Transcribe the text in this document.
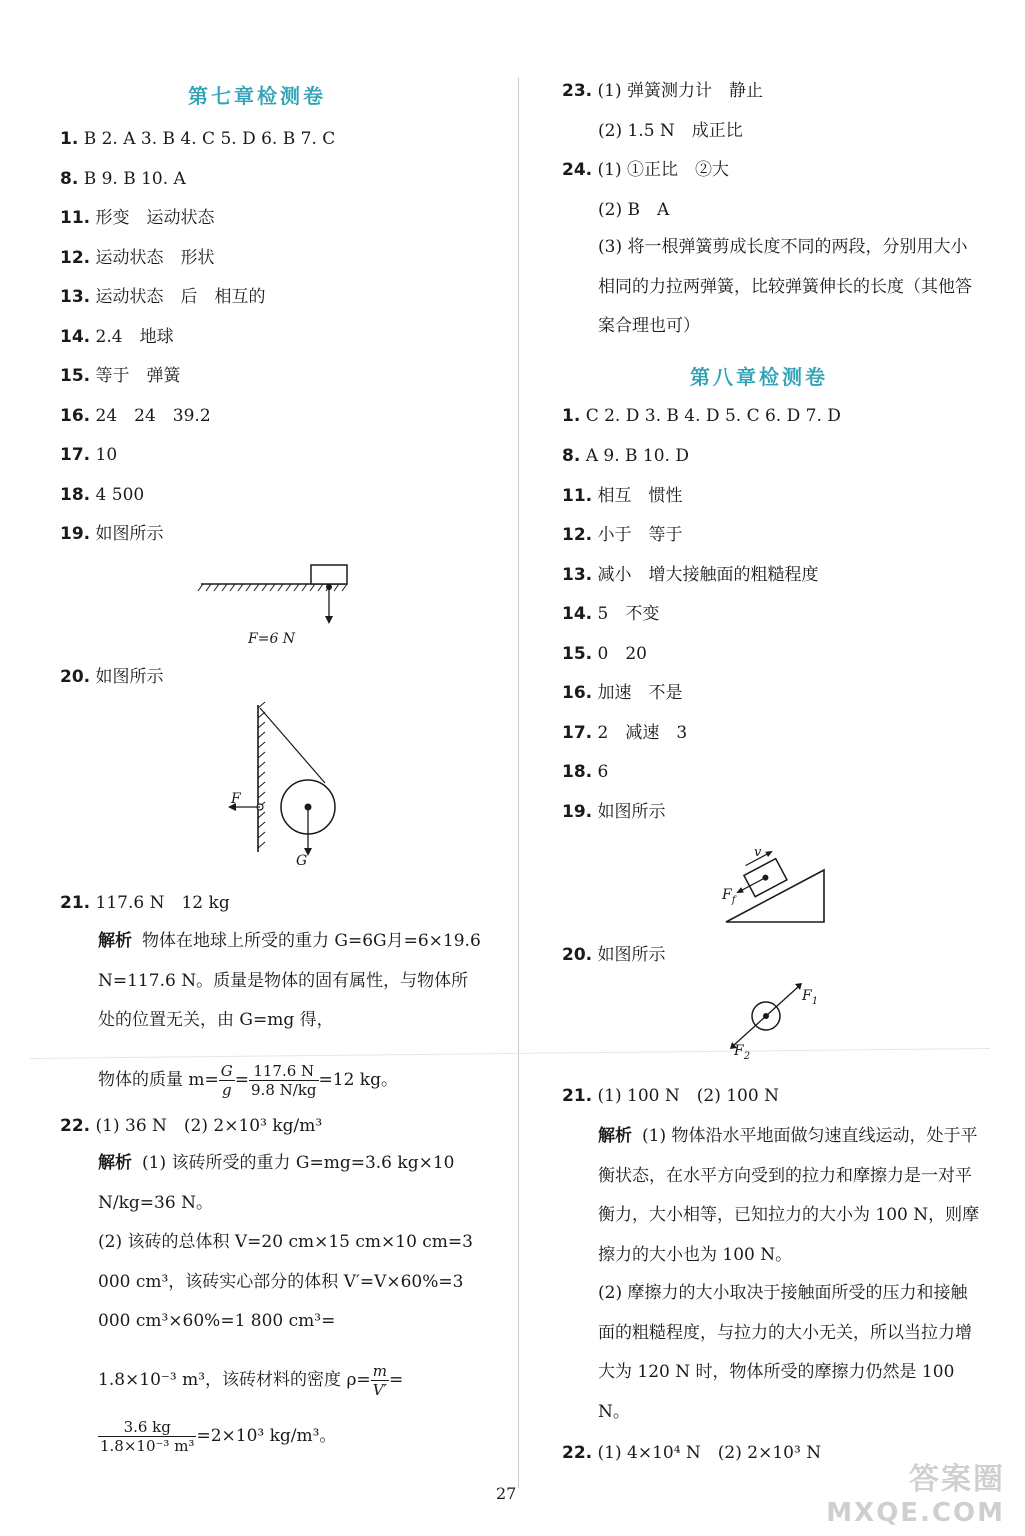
第七章检测卷
1. B 2. A 3. B 4. C 5. D 6. B 7. C
8. B 9. B 10. A
11. 形变　运动状态
12. 运动状态　形状
13. 运动状态　后　相互的
14. 2.4　地球
15. 等于　弹簧
16. 24　24　39.2
17. 10
18. 4 500
19. 如图所示
F=6 N
20. 如图所示
F
G
21. 117.6 N　12 kg
解析 物体在地球上所受的重力 G=6G月=6×19.6 N=117.6 N。质量是物体的固有属性，与物体所处的位置无关，由 G=mg 得，
物体的质量 $m= \frac{G}{g} = \frac{117.6 N}{9.8 N/kg} =12$ kg。
22. (1) 36 N　(2) 2×10³ kg/m³
解析 (1) 该砖所受的重力 G=mg=3.6 kg×10 N/kg=36 N。
(2) 该砖的总体积 V=20 cm×15 cm×10 cm=3 000 cm³，该砖实心部分的体积 V′=V×60%=3 000 cm³×60%=1 800 cm³=
1.8×10⁻³ m³，该砖材料的密度 $\rho= \frac{m}{V'}$ =
$\frac{3.6 kg}{\text{1.8×10⁻³ m³}} =2\times 10^3$ kg/m³。
23. (1) 弹簧测力计　静止
(2) 1.5 N　成正比
24. (1) ①正比　②大
(2) B　A
(3) 将一根弹簧剪成长度不同的两段，分别用大小相同的力拉两弹簧，比较弹簧伸长的长度（其他答案合理也可）
第八章检测卷
1. C 2. D 3. B 4. D 5. C 6. D 7. D
8. A 9. B 10. D
11. 相互　惯性
12. 小于　等于
13. 减小　增大接触面的粗糙程度
14. 5　不变
15. 0　20
16. 加速　不是
17. 2　减速　3
18. 6
19. 如图所示
v
$F_f$
20. 如图所示
$F_1$
$F_2$
21. (1) 100 N　(2) 100 N
解析 (1) 物体沿水平地面做匀速直线运动，处于平衡状态，在水平方向受到的拉力和摩擦力是一对平衡力，大小相等，已知拉力的大小为 100 N，则摩擦力的大小也为 100 N。
(2) 摩擦力的大小取决于接触面所受的压力和接触面的粗糙程度，与拉力的大小无关，所以当拉力增大为 120 N 时，物体所受的摩擦力仍然是 100 N。
22. (1) 4×10⁴ N　(2) 2×10³ N
27	答案圈
MXQE.COM
